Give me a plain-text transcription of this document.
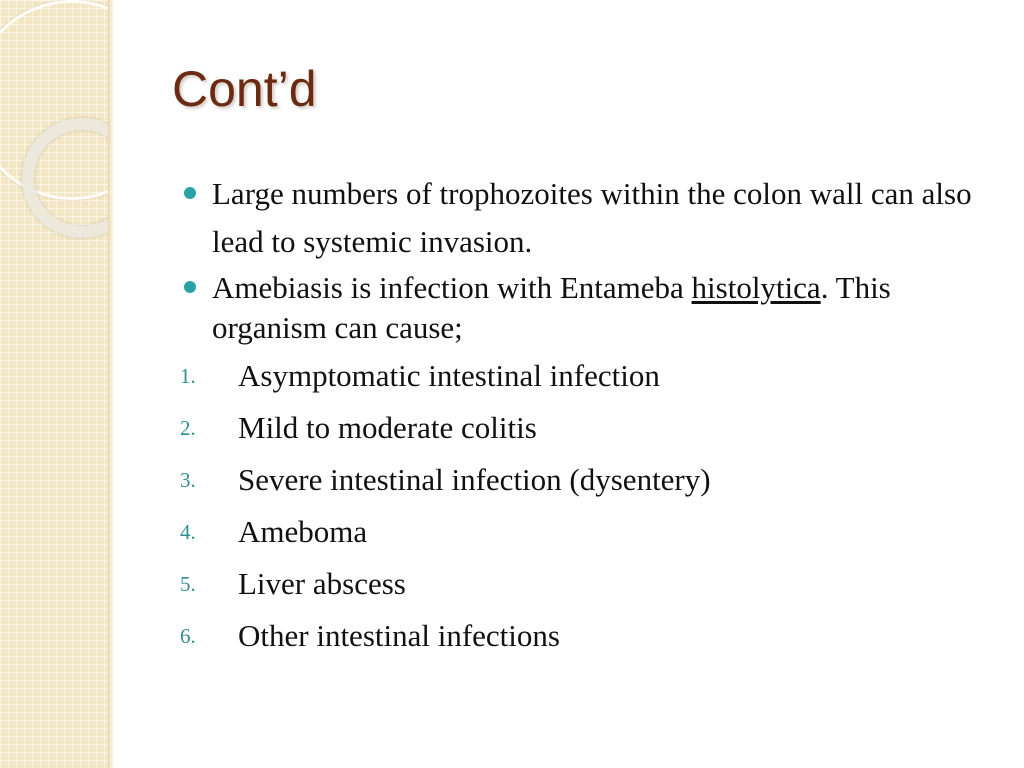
Cont’d
Large numbers of trophozoites within the colon wall can also lead to systemic invasion.
Amebiasis is infection with Entameba histolytica. This organism can cause;
1. Asymptomatic intestinal infection
2. Mild to moderate colitis
3. Severe intestinal infection (dysentery)
4. Ameboma
5. Liver abscess
6. Other intestinal infections
